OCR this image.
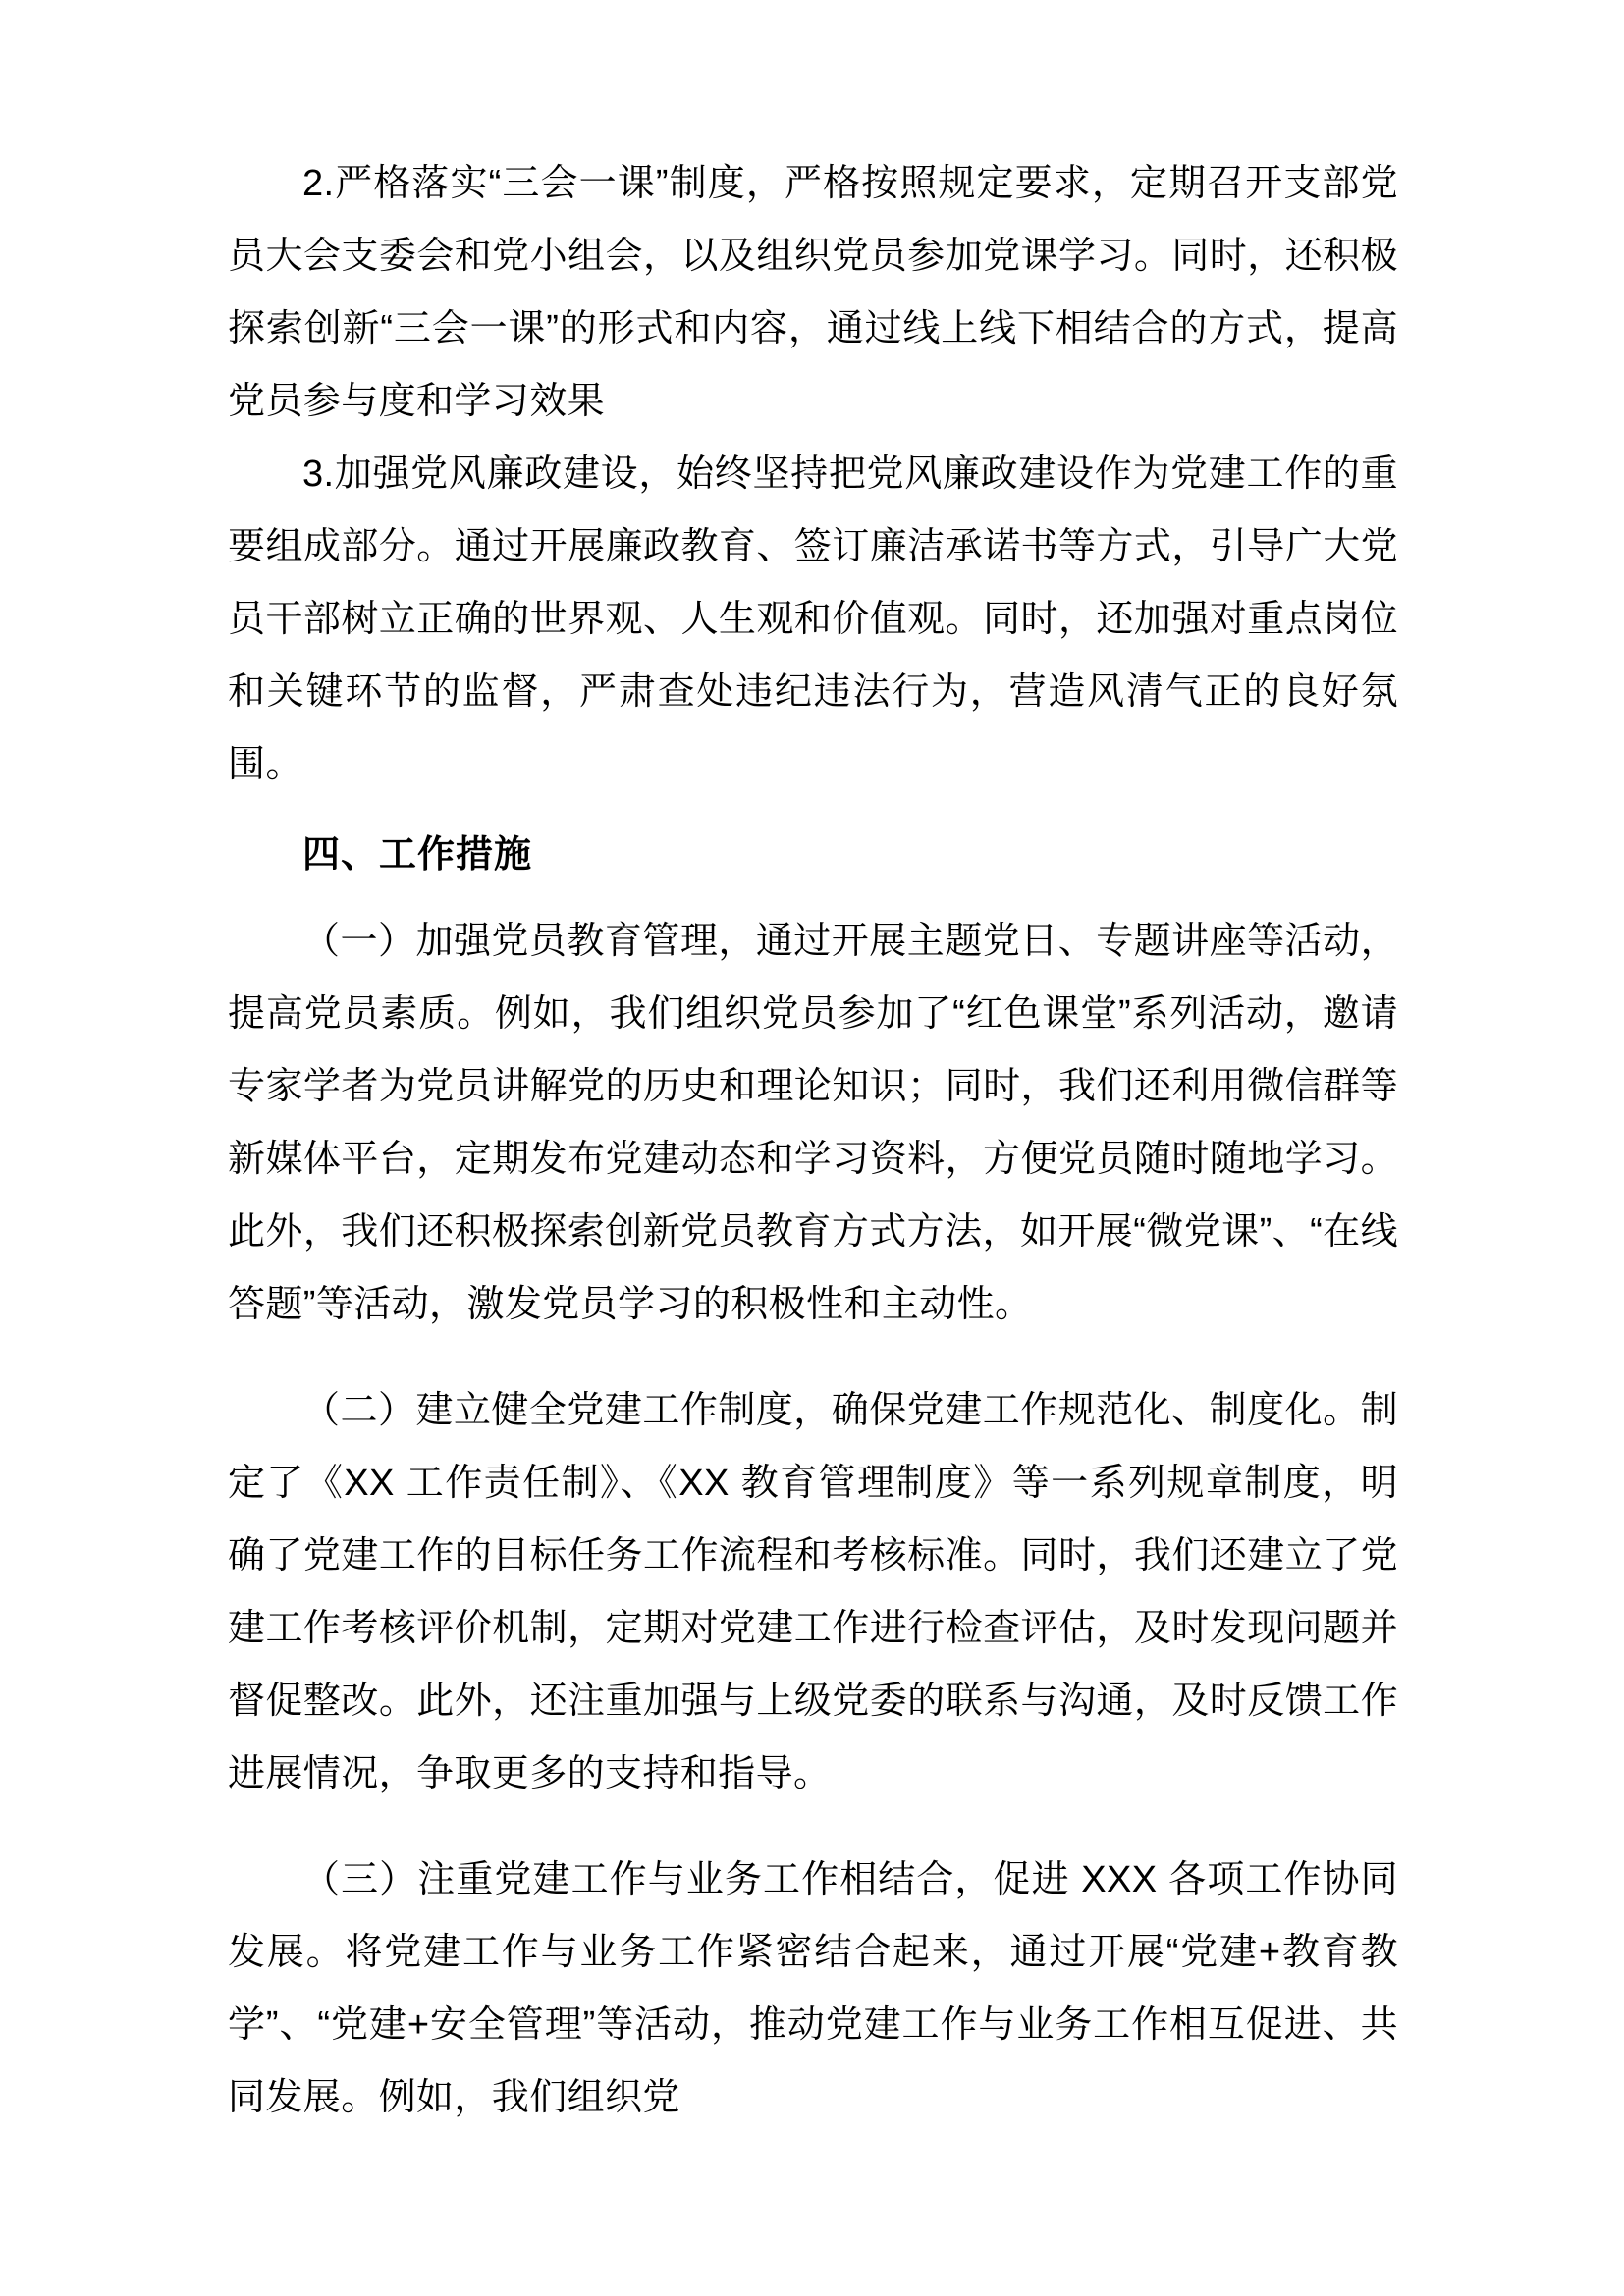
2.严格落实“三会一课”制度，严格按照规定要求，定期召开支部党员大会支委会和党小组会，以及组织党员参加党课学习。同时，还积极探索创新“三会一课”的形式和内容，通过线上线下相结合的方式，提高党员参与度和学习效果

3.加强党风廉政建设，始终坚持把党风廉政建设作为党建工作的重要组成部分。通过开展廉政教育、签订廉洁承诺书等方式，引导广大党员干部树立正确的世界观、人生观和价值观。同时，还加强对重点岗位和关键环节的监督，严肃查处违纪违法行为，营造风清气正的良好氛围。

四、工作措施

（一）加强党员教育管理，通过开展主题党日、专题讲座等活动，提高党员素质。例如，我们组织党员参加了“红色课堂”系列活动，邀请专家学者为党员讲解党的历史和理论知识；同时，我们还利用微信群等新媒体平台，定期发布党建动态和学习资料，方便党员随时随地学习。此外，我们还积极探索创新党员教育方式方法，如开展“微党课”、“在线答题”等活动，激发党员学习的积极性和主动性。

（二）建立健全党建工作制度，确保党建工作规范化、制度化。制定了《XX 工作责任制》、《XX 教育管理制度》等一系列规章制度，明确了党建工作的目标任务工作流程和考核标准。同时，我们还建立了党建工作考核评价机制，定期对党建工作进行检查评估，及时发现问题并督促整改。此外，还注重加强与上级党委的联系与沟通，及时反馈工作进展情况，争取更多的支持和指导。

（三）注重党建工作与业务工作相结合，促进 XXX 各项工作协同发展。将党建工作与业务工作紧密结合起来，通过开展“党建+教育教学”、“党建+安全管理”等活动，推动党建工作与业务工作相互促进、共同发展。例如，我们组织党
